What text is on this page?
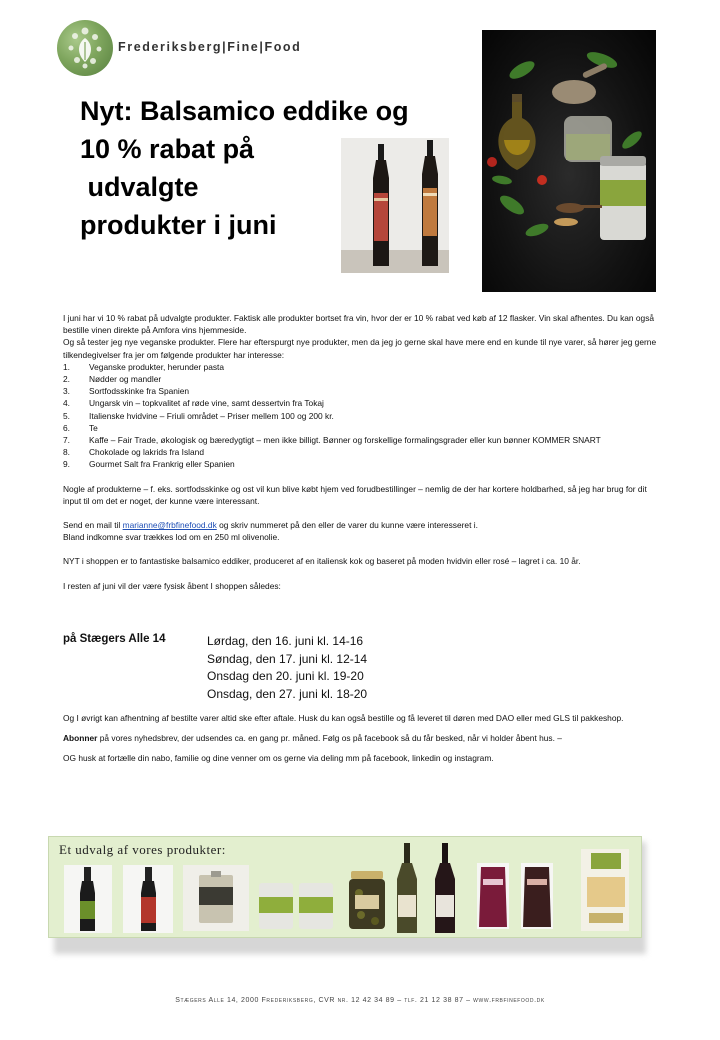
Frederiksberg|Fine|Food
Nyt: Balsamico eddike og
10 % rabat på
udvalgte
produkter i juni

I juni har vi 10 % rabat på udvalgte produkter. Faktisk alle produkter bortset fra vin, hvor der er 10 % rabat ved køb af 12 flasker. Vin skal afhentes. Du kan også bestille vinen direkte på Amfora vins hjemmeside.

Og så tester jeg nye veganske produkter. Flere har efterspurgt nye produkter, men da jeg jo gerne skal have mere end en kunde til nye varer, så hører jeg gerne tilkendegivelser fra jer om følgende produkter har interesse:

1.	Veganske produkter, herunder pasta
2.	Nødder og mandler
3.	Sortfodsskinke fra Spanien
4.	Ungarsk vin – topkvalitet af røde vine, samt dessertvin fra Tokaj
5.	Italienske hvidvine – Friuli området – Priser mellem 100 og 200 kr.
6.	Te
7.	Kaffe – Fair Trade, økologisk og bæredygtigt – men ikke billigt. Bønner og forskellige formalingsgrader eller kun bønner KOMMER SNART
8.	Chokolade og lakrids fra Island
9.	Gourmet Salt fra Frankrig eller Spanien

Nogle af produkterne – f. eks. sortfodsskinke og ost vil kun blive købt hjem ved forudbestillinger – nemlig de der har kortere holdbarhed, så jeg har brug for dit input til om det er noget, der kunne være interessant.

Send en mail til marianne@frbfinefood.dk og skriv nummeret på den eller de varer du kunne være interesseret i.

Bland indkomne svar trækkes lod om en 250 ml olivenolie.

NYT i shoppen er to fantastiske balsamico eddiker, produceret af en italiensk kok og baseret på moden hvidvin eller rosé – lagret i ca. 10 år.

I resten af juni vil der være fysisk åbent I shoppen således:

på Stægers Alle 14	Lørdag, den 16. juni kl. 14-16
Søndag, den 17. juni kl. 12-14
Onsdag den 20. juni kl. 19-20
Onsdag, den 27. juni kl. 18-20

Og I øvrigt kan afhentning af bestilte varer altid ske efter aftale. Husk du kan også bestille og få leveret til døren med DAO eller med GLS til pakkeshop.

Abonner på vores nyhedsbrev, der udsendes ca. en gang pr. måned. Følg os på facebook så du får besked, når vi holder åbent hus. –

OG husk at fortælle din nabo, familie og dine venner om os gerne via deling mm på facebook, linkedin og instagram.

Et udvalg af vores produkter:
Stægers Alle 14, 2000 Frederiksberg, CVR nr. 12 42 34 89 – tlf. 21 12 38 87 – www.frbfinefood.dk
